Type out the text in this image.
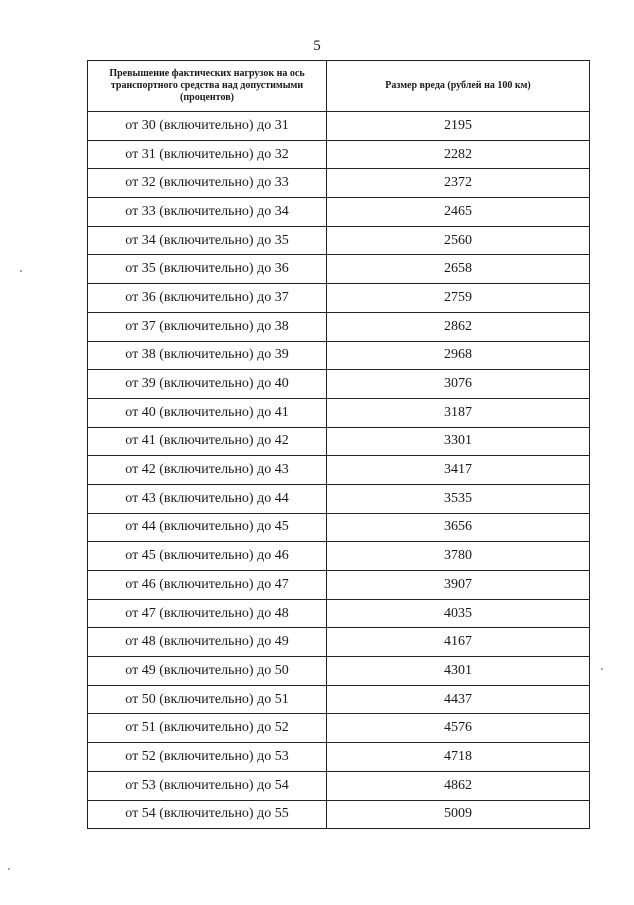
5
Превышение фактических нагрузок на ось транспортного средства над допустимыми (процентов)	Размер вреда (рублей на 100 км)

от 30 (включительно) до 31	2195
от 31 (включительно) до 32	2282
от 32 (включительно) до 33	2372
от 33 (включительно) до 34	2465
от 34 (включительно) до 35	2560
от 35 (включительно) до 36	2658
от 36 (включительно) до 37	2759
от 37 (включительно) до 38	2862
от 38 (включительно) до 39	2968
от 39 (включительно) до 40	3076
от 40 (включительно) до 41	3187
от 41 (включительно) до 42	3301
от 42 (включительно) до 43	3417
от 43 (включительно) до 44	3535
от 44 (включительно) до 45	3656
от 45 (включительно) до 46	3780
от 46 (включительно) до 47	3907
от 47 (включительно) до 48	4035
от 48 (включительно) до 49	4167
от 49 (включительно) до 50	4301
от 50 (включительно) до 51	4437
от 51 (включительно) до 52	4576
от 52 (включительно) до 53	4718
от 53 (включительно) до 54	4862
от 54 (включительно) до 55	5009
